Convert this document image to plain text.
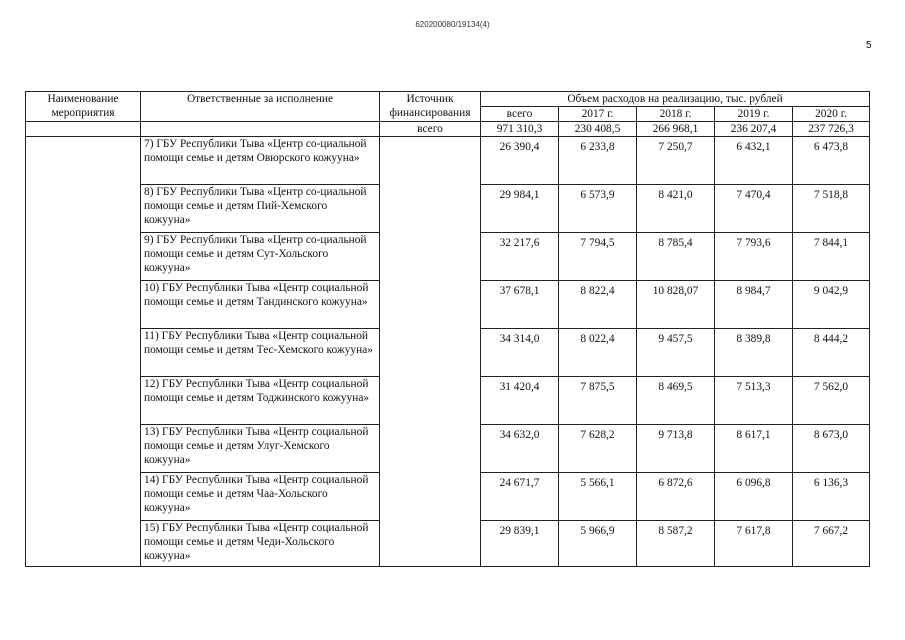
620200080/19134(4)
5
Наименование мероприятия	Ответственные за исполнение	Источник финансирования	Объем расходов на реализацию, тыс. рублей				
			всего	2017 г.	2018 г.	2019 г.	2020 г.
		всего	971 310,3	230 408,5	266 968,1	236 207,4	237 726,3
	7) ГБУ Республики Тыва «Центр со-циальной помощи семье и детям Овюрского кожууна»		26 390,4	6 233,8	7 250,7	6 432,1	6 473,8
	8) ГБУ Республики Тыва «Центр со-циальной помощи семье и детям Пий-Хемского кожууна»		29 984,1	6 573,9	8 421,0	7 470,4	7 518,8
	9) ГБУ Республики Тыва «Центр со-циальной помощи семье и детям Сут-Хольского кожууна»		32 217,6	7 794,5	8 785,4	7 793,6	7 844,1
	10) ГБУ Республики Тыва «Центр социальной помощи семье и детям Тандинского кожууна»		37 678,1	8 822,4	10 828,07	8 984,7	9 042,9
	11) ГБУ Республики Тыва «Центр социальной помощи семье и детям Тес-Хемского кожууна»		34 314,0	8 022,4	9 457,5	8 389,8	8 444,2
	12) ГБУ Республики Тыва «Центр социальной помощи семье и детям Тоджинского кожууна»		31 420,4	7 875,5	8 469,5	7 513,3	7 562,0
	13) ГБУ Республики Тыва «Центр социальной помощи семье и детям Улуг-Хемского кожууна»		34 632,0	7 628,2	9 713,8	8 617,1	8 673,0
	14) ГБУ Республики Тыва «Центр социальной помощи семье и детям Чаа-Хольского кожууна»		24 671,7	5 566,1	6 872,6	6 096,8	6 136,3
	15) ГБУ Республики Тыва «Центр социальной помощи семье и детям Чеди-Хольского кожууна»		29 839,1	5 966,9	8 587,2	7 617,8	7 667,2
